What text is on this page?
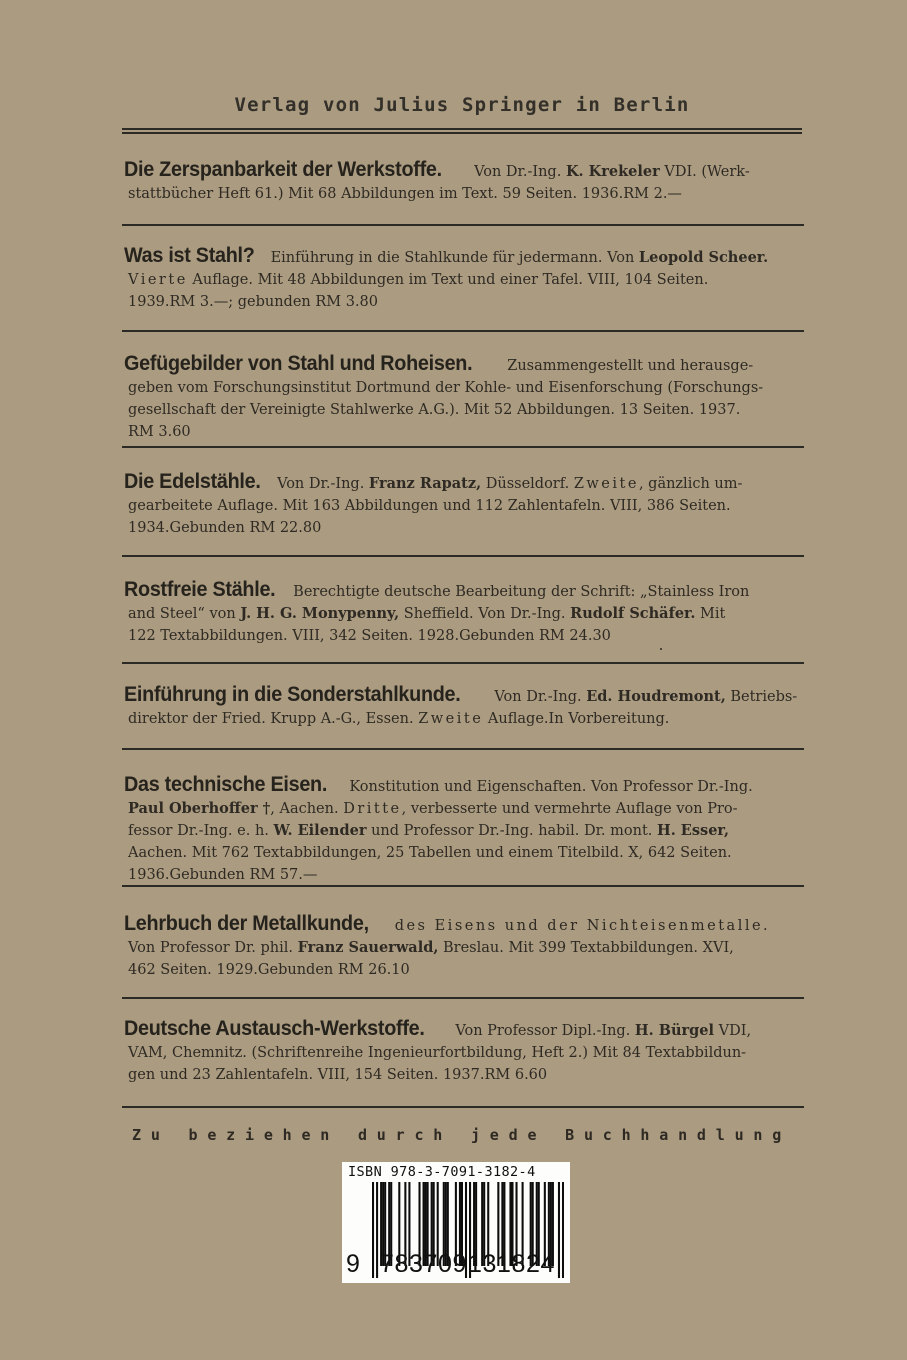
Verlag von Julius Springer in Berlin
Die Zerspanbarkeit der Werkstoffe. Von Dr.-Ing. K. Krekeler VDI. (Werk-
stattbücher Heft 61.) Mit 68 Abbildungen im Text. 59 Seiten. 1936.RM 2.—
Was ist Stahl? Einführung in die Stahlkunde für jedermann. Von Leopold Scheer.
Vierte Auflage. Mit 48 Abbildungen im Text und einer Tafel. VIII, 104 Seiten.
1939.RM 3.—; gebunden RM 3.80
Gefügebilder von Stahl und Roheisen. Zusammengestellt und herausge-
geben vom Forschungsinstitut Dortmund der Kohle- und Eisenforschung (Forschungs-
gesellschaft der Vereinigte Stahlwerke A.G.). Mit 52 Abbildungen. 13 Seiten. 1937.
RM 3.60
Die Edelstähle. Von Dr.-Ing. Franz Rapatz, Düsseldorf. Zweite, gänzlich um-
gearbeitete Auflage. Mit 163 Abbildungen und 112 Zahlentafeln. VIII, 386 Seiten.
1934.Gebunden RM 22.80
Rostfreie Stähle. Berechtigte deutsche Bearbeitung der Schrift: „Stainless Iron
and Steel“ von J. H. G. Monypenny, Sheffield. Von Dr.-Ing. Rudolf Schäfer. Mit
122 Textabbildungen. VIII, 342 Seiten. 1928.Gebunden RM 24.30
Einführung in die Sonderstahlkunde. Von Dr.-Ing. Ed. Houdremont, Betriebs-
direktor der Fried. Krupp A.-G., Essen. Zweite Auflage.In Vorbereitung.
Das technische Eisen. Konstitution und Eigenschaften. Von Professor Dr.-Ing.
Paul Oberhoffer †, Aachen. Dritte, verbesserte und vermehrte Auflage von Pro-
fessor Dr.-Ing. e. h. W. Eilender und Professor Dr.-Ing. habil. Dr. mont. H. Esser,
Aachen. Mit 762 Textabbildungen, 25 Tabellen und einem Titelbild. X, 642 Seiten.
1936.Gebunden RM 57.—
Lehrbuch der Metallkunde, des Eisens und der Nichteisenmetalle.
Von Professor Dr. phil. Franz Sauerwald, Breslau. Mit 399 Textabbildungen. XVI,
462 Seiten. 1929.Gebunden RM 26.10
Deutsche Austausch-Werkstoffe. Von Professor Dipl.-Ing. H. Bürgel VDI,
VAM, Chemnitz. (Schriftenreihe Ingenieurfortbildung, Heft 2.) Mit 84 Textabbildun-
gen und 23 Zahlentafeln. VIII, 154 Seiten. 1937.RM 6.60
Zu beziehen durch jede Buchhandlung
ISBN 978-3-7091-3182-4
9 783709 131824
